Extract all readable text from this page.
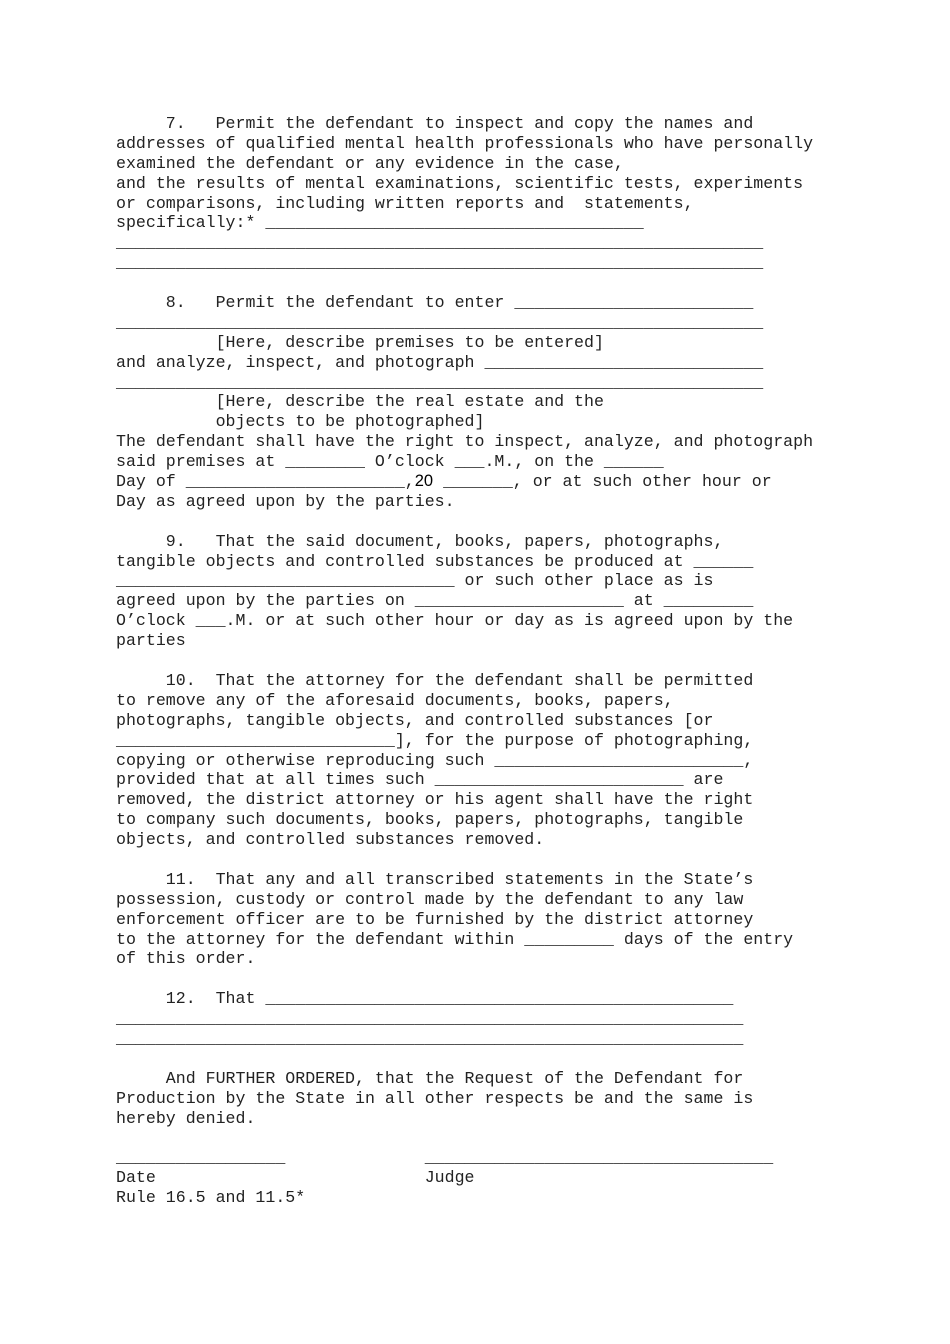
7.   Permit the defendant to inspect and copy the names and
addresses of qualified mental health professionals who have personally
examined the defendant or any evidence in the case,
and the results of mental examinations, scientific tests, experiments
or comparisons, including written reports and  statements,
specifically:* ______________________________________
_________________________________________________________________
_________________________________________________________________
8.   Permit the defendant to enter ________________________
_________________________________________________________________
[Here, describe premises to be entered]
and analyze, inspect, and photograph ____________________________
_________________________________________________________________
[Here, describe the real estate and the
objects to be photographed]
The defendant shall have the right to inspect, analyze, and photograph
said premises at ________ O’clock ___.M., on the ______
Day of ______________________,20 _______, or at such other hour or
Day as agreed upon by the parties.
9.   That the said document, books, papers, photographs,
tangible objects and controlled substances be produced at ______
__________________________________ or such other place as is
agreed upon by the parties on _____________________ at _________
O’clock ___.M. or at such other hour or day as is agreed upon by the
parties
10.  That the attorney for the defendant shall be permitted
to remove any of the aforesaid documents, books, papers,
photographs, tangible objects, and controlled substances [or
____________________________], for the purpose of photographing,
copying or otherwise reproducing such _________________________,
provided that at all times such _________________________ are
removed, the district attorney or his agent shall have the right
to company such documents, books, papers, photographs, tangible
objects, and controlled substances removed.
11.  That any and all transcribed statements in the State’s
possession, custody or control made by the defendant to any law
enforcement officer are to be furnished by the district attorney
to the attorney for the defendant within _________ days of the entry
of this order.
12.  That _______________________________________________
_______________________________________________________________
_______________________________________________________________
And FURTHER ORDERED, that the Request of the Defendant for
Production by the State in all other respects be and the same is
hereby denied.
_________________              ___________________________________
Date                           Judge
Rule 16.5 and 11.5*
